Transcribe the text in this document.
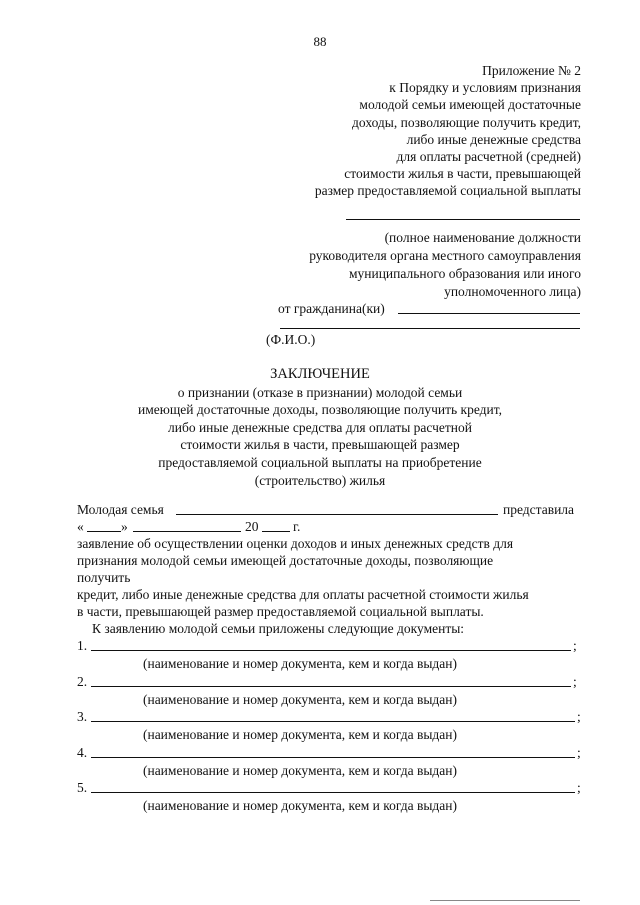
88
Приложение № 2
к Порядку и условиям признания
молодой семьи имеющей достаточные
доходы, позволяющие получить кредит,
либо иные денежные средства
для оплаты расчетной (средней)
стоимости жилья в части, превышающей
размер предоставляемой социальной выплаты
(полное наименование должности
руководителя органа местного самоуправления
муниципального образования или иного
уполномоченного лица)
от гражданина(ки)
(Ф.И.О.)
ЗАКЛЮЧЕНИЕ
о признании (отказе в признании) молодой семьи
имеющей достаточные доходы, позволяющие получить кредит,
либо иные денежные средства для оплаты расчетной
стоимости жилья в части, превышающей размер
предоставляемой социальной выплаты на приобретение
(строительство) жилья
Молодая семья	представила
«	»	20	г.
заявление об осуществлении оценки доходов и иных денежных средств для
признания молодой семьи имеющей достаточные доходы, позволяющие
получить
кредит, либо иные денежные средства для оплаты расчетной стоимости жилья
в части, превышающей размер предоставляемой социальной выплаты.
К заявлению молодой семьи приложены следующие документы:
1.	;
(наименование и номер документа, кем и когда выдан)
2.	;
(наименование и номер документа, кем и когда выдан)
3.	;
(наименование и номер документа, кем и когда выдан)
4.	;
(наименование и номер документа, кем и когда выдан)
5.	;
(наименование и номер документа, кем и когда выдан)
